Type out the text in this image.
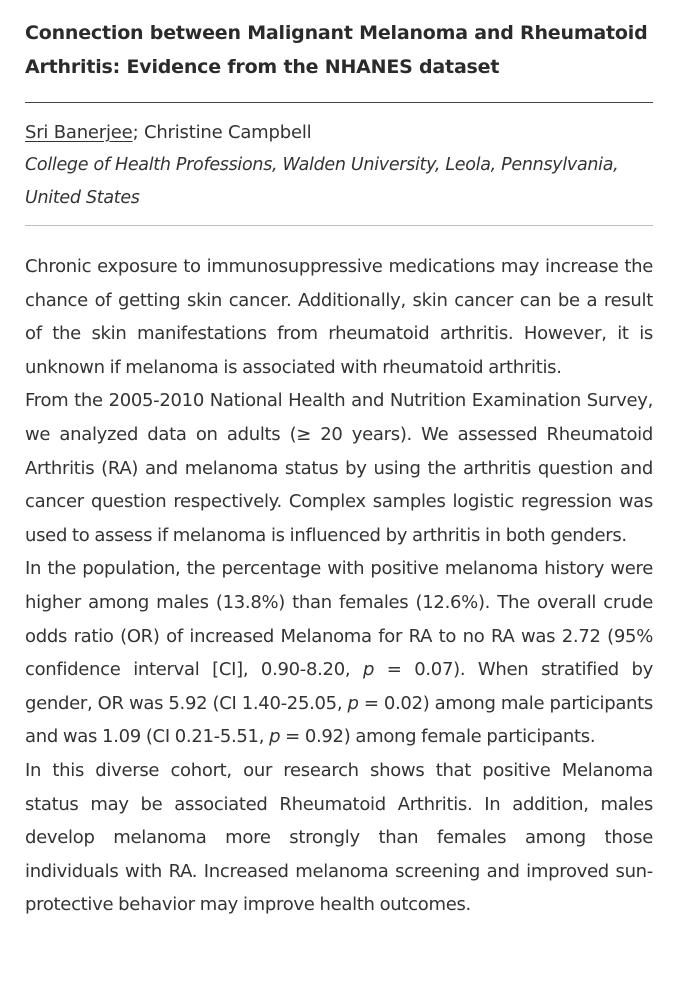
Connection between Malignant Melanoma and Rheumatoid Arthritis: Evidence from the NHANES dataset
Sri Banerjee; Christine Campbell
College of Health Professions, Walden University, Leola, Pennsylvania, United States

Chronic exposure to immunosuppressive medications may increase the chance of getting skin cancer. Additionally, skin cancer can be a result of the skin manifestations from rheumatoid arthritis. However, it is unknown if melanoma is associated with rheumatoid arthritis.

From the 2005-2010 National Health and Nutrition Examination Survey, we analyzed data on adults (≥ 20 years). We assessed Rheumatoid Arthritis (RA) and melanoma status by using the arthritis question and cancer question respectively. Complex samples logistic regression was used to assess if melanoma is influenced by arthritis in both genders.

In the population, the percentage with positive melanoma history were higher among males (13.8%) than females (12.6%). The overall crude odds ratio (OR) of increased Melanoma for RA to no RA was 2.72 (95% confidence interval [CI], 0.90-8.20, p = 0.07). When stratified by gender, OR was 5.92 (CI 1.40-25.05, p = 0.02) among male participants and was 1.09 (CI 0.21-5.51, p = 0.92) among female participants.

In this diverse cohort, our research shows that positive Melanoma status may be associated Rheumatoid Arthritis. In addition, males develop melanoma more strongly than females among those individuals with RA. Increased melanoma screening and improved sun-protective behavior may improve health outcomes.
